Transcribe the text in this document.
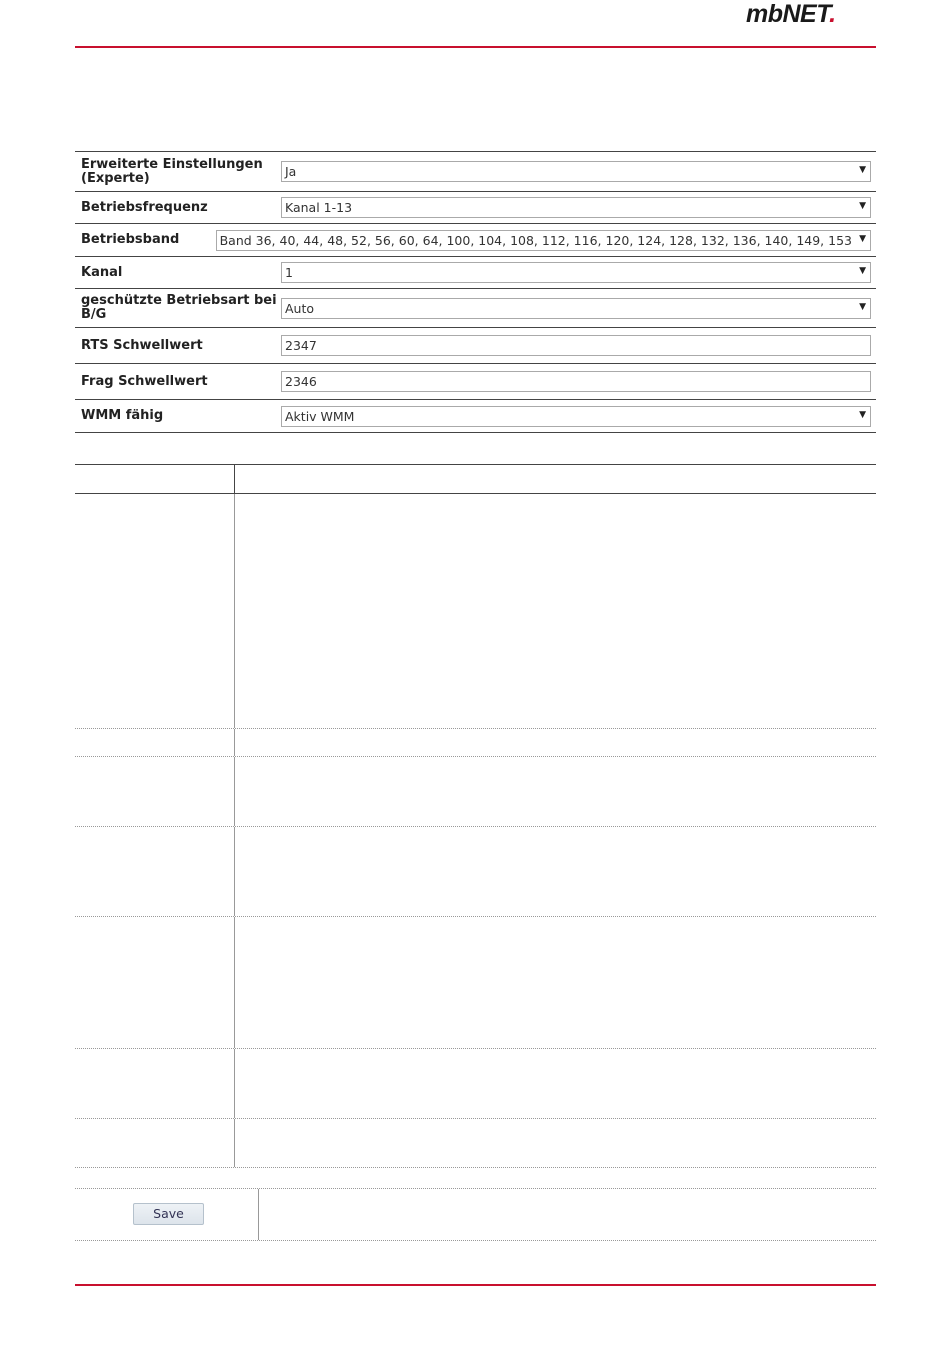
mbNET.
Erweiterte Einstellungen (Experte)	Ja	▼
Betriebsfrequenz	Kanal 1-13	▼
Betriebsband	Band 36, 40, 44, 48, 52, 56, 60, 64, 100, 104, 108, 112, 116, 120, 124, 128, 132, 136, 140, 149, 153 ▼
Kanal	1	▼
geschützte Betriebsart bei B/G	Auto	▼
RTS Schwellwert	2347
Frag Schwellwert	2346
WMM fähig	Aktiv WMM	▼
Save
